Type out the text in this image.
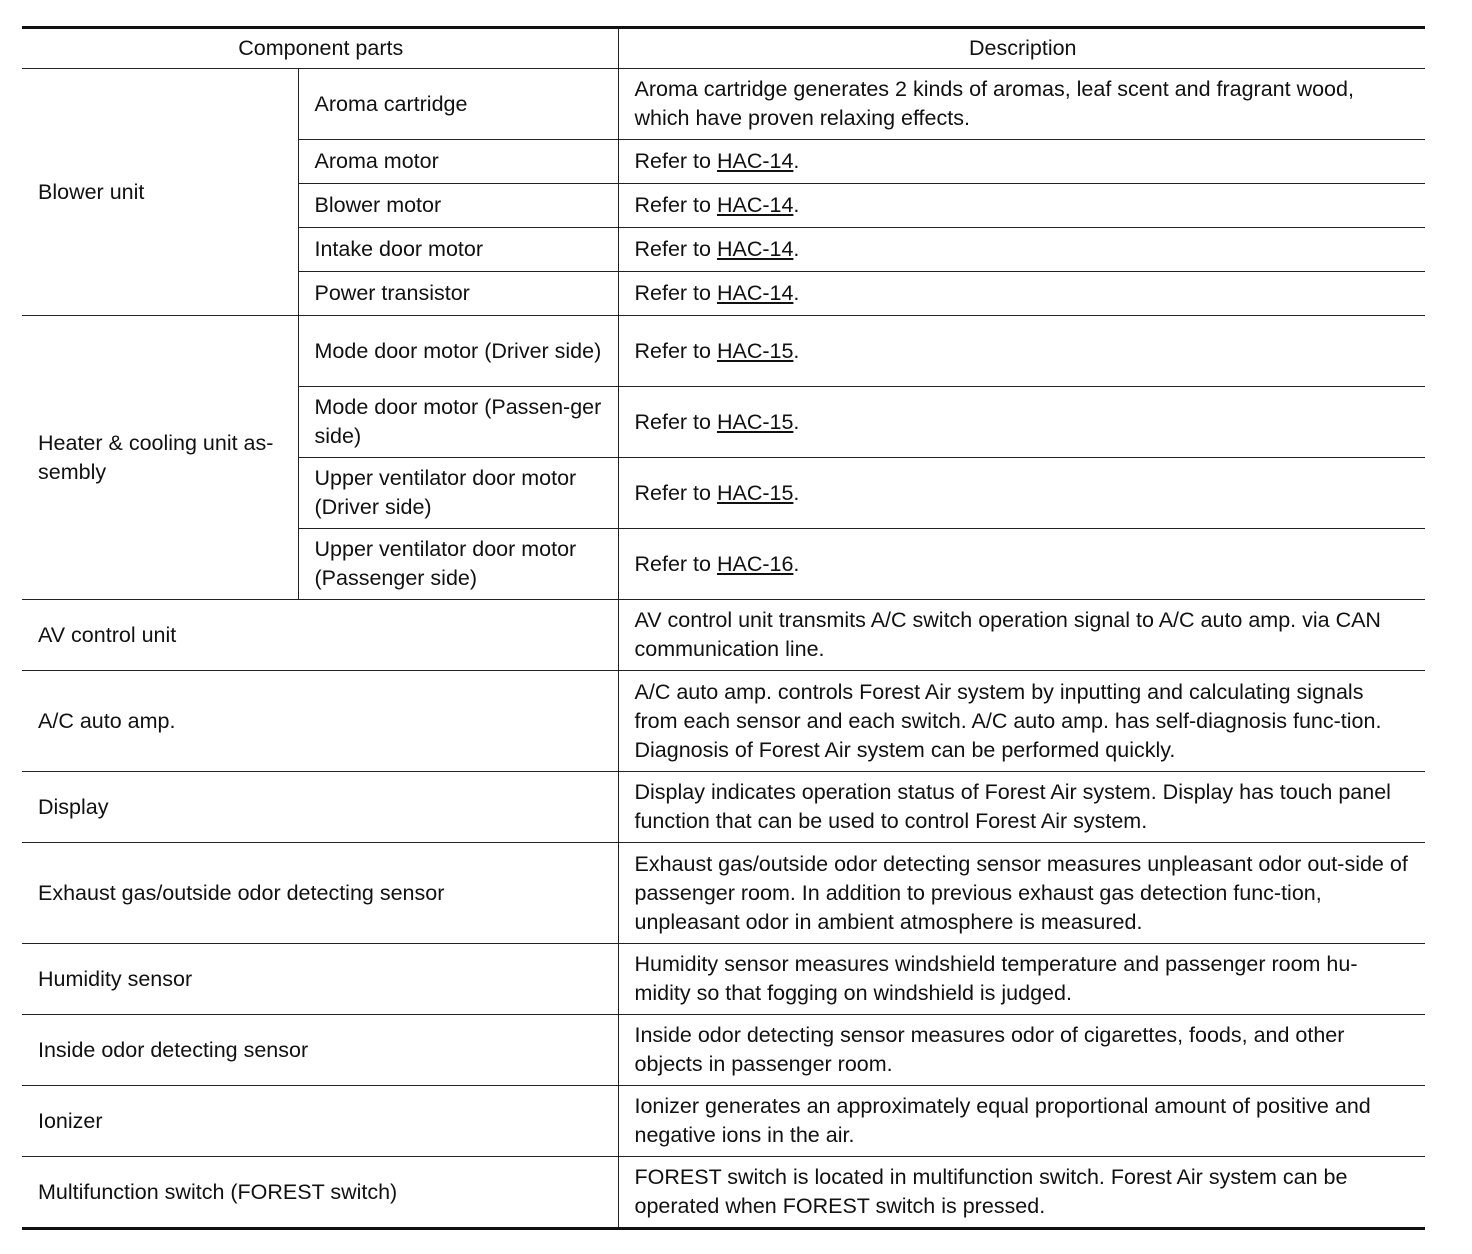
Component parts		Description
Blower unit	Aroma cartridge	Aroma cartridge generates 2 kinds of aromas, leaf scent and fragrant wood, which have proven relaxing effects.
	Aroma motor	Refer to HAC-14.
	Blower motor	Refer to HAC-14.
	Intake door motor	Refer to HAC-14.
	Power transistor	Refer to HAC-14.
Heater & cooling unit as-sembly	Mode door motor (Driver side)	Refer to HAC-15.
	Mode door motor (Passen-ger side)	Refer to HAC-15.
	Upper ventilator door motor (Driver side)	Refer to HAC-15.
	Upper ventilator door motor (Passenger side)	Refer to HAC-16.
AV control unit		AV control unit transmits A/C switch operation signal to A/C auto amp. via CAN communication line.
A/C auto amp.		A/C auto amp. controls Forest Air system by inputting and calculating signals from each sensor and each switch. A/C auto amp. has self-diagnosis func-tion. Diagnosis of Forest Air system can be performed quickly.
Display		Display indicates operation status of Forest Air system. Display has touch panel function that can be used to control Forest Air system.
Exhaust gas/outside odor detecting sensor		Exhaust gas/outside odor detecting sensor measures unpleasant odor out-side of passenger room. In addition to previous exhaust gas detection func-tion, unpleasant odor in ambient atmosphere is measured.
Humidity sensor		Humidity sensor measures windshield temperature and passenger room hu-midity so that fogging on windshield is judged.
Inside odor detecting sensor		Inside odor detecting sensor measures odor of cigarettes, foods, and other objects in passenger room.
Ionizer		Ionizer generates an approximately equal proportional amount of positive and negative ions in the air.
Multifunction switch (FOREST switch)		FOREST switch is located in multifunction switch. Forest Air system can be operated when FOREST switch is pressed.
